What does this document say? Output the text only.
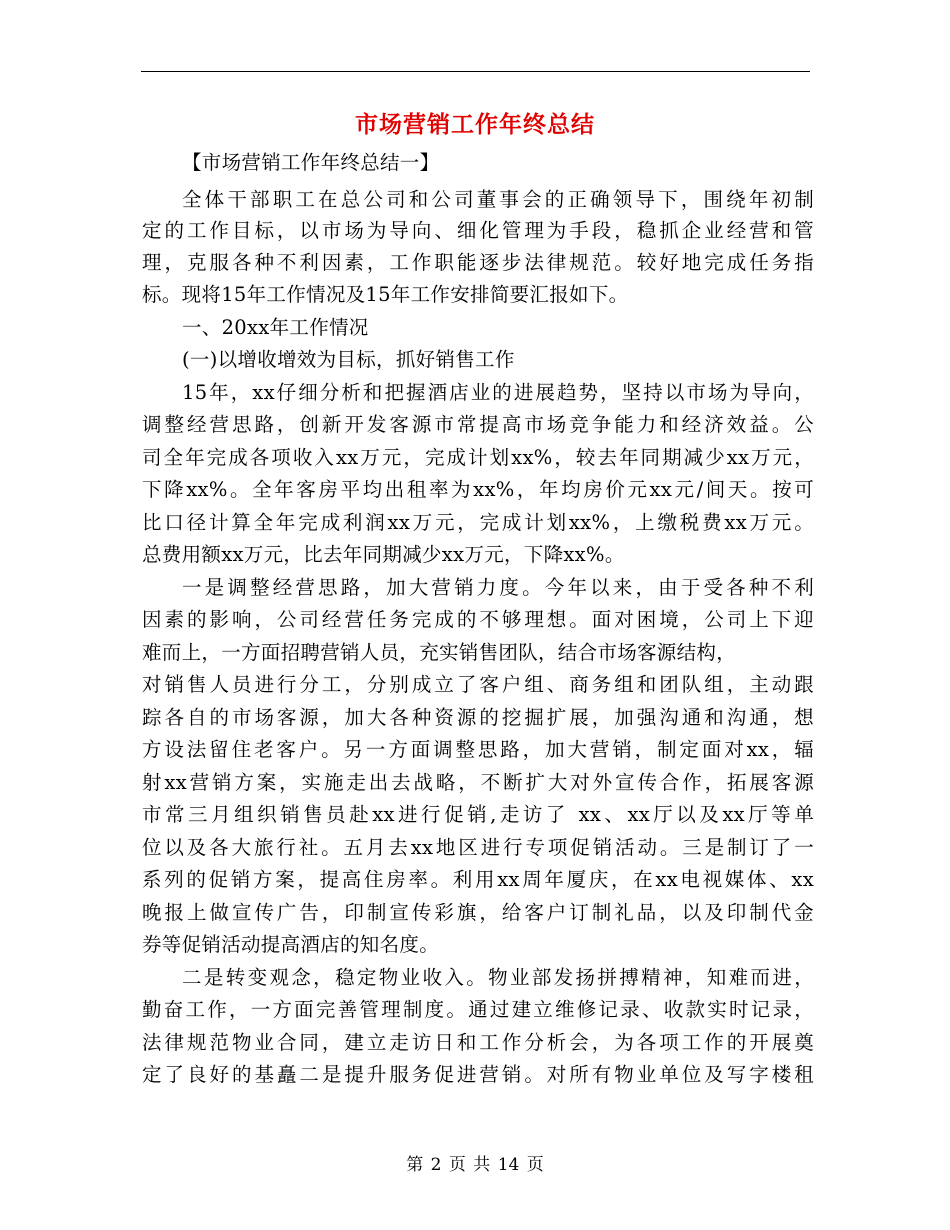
市场营销工作年终总结
【市场营销工作年终总结一】
全体干部职工在总公司和公司董事会的正确领导下，围绕年初制
定的工作目标，以市场为导向、细化管理为手段，稳抓企业经营和管
理，克服各种不利因素，工作职能逐步法律规范。较好地完成任务指
标。现将15年工作情况及15年工作安排简要汇报如下。
一、20xx年工作情况
(一)以增收增效为目标，抓好销售工作
15年，xx仔细分析和把握酒店业的进展趋势，坚持以市场为导向，
调整经营思路，创新开发客源市常提高市场竞争能力和经济效益。公
司全年完成各项收入xx万元，完成计划xx%，较去年同期减少xx万元，
下降xx%。全年客房平均出租率为xx%，年均房价元xx元/间天。按可
比口径计算全年完成利润xx万元，完成计划xx%，上缴税费xx万元。
总费用额xx万元，比去年同期减少xx万元，下降xx%。
一是调整经营思路，加大营销力度。今年以来，由于受各种不利
因素的影响，公司经营任务完成的不够理想。面对困境，公司上下迎
难而上，一方面招聘营销人员，充实销售团队，结合市场客源结构，
对销售人员进行分工，分别成立了客户组、商务组和团队组，主动跟
踪各自的市场客源，加大各种资源的挖掘扩展，加强沟通和沟通，想
方设法留住老客户。另一方面调整思路，加大营销，制定面对xx，辐
射xx营销方案，实施走出去战略，不断扩大对外宣传合作，拓展客源
市常三月组织销售员赴xx进行促销,走访了 xx、xx厅以及xx厅等单
位以及各大旅行社。五月去xx地区进行专项促销活动。三是制订了一
系列的促销方案，提高住房率。利用xx周年厦庆，在xx电视媒体、xx
晚报上做宣传广告，印制宣传彩旗，给客户订制礼品，以及印制代金
券等促销活动提高酒店的知名度。
二是转变观念，稳定物业收入。物业部发扬拼搏精神，知难而进，
勤奋工作，一方面完善管理制度。通过建立维修记录、收款实时记录，
法律规范物业合同，建立走访日和工作分析会，为各项工作的开展奠
定了良好的基矗二是提升服务促进营销。对所有物业单位及写字楼租
第 2 页 共 14 页
